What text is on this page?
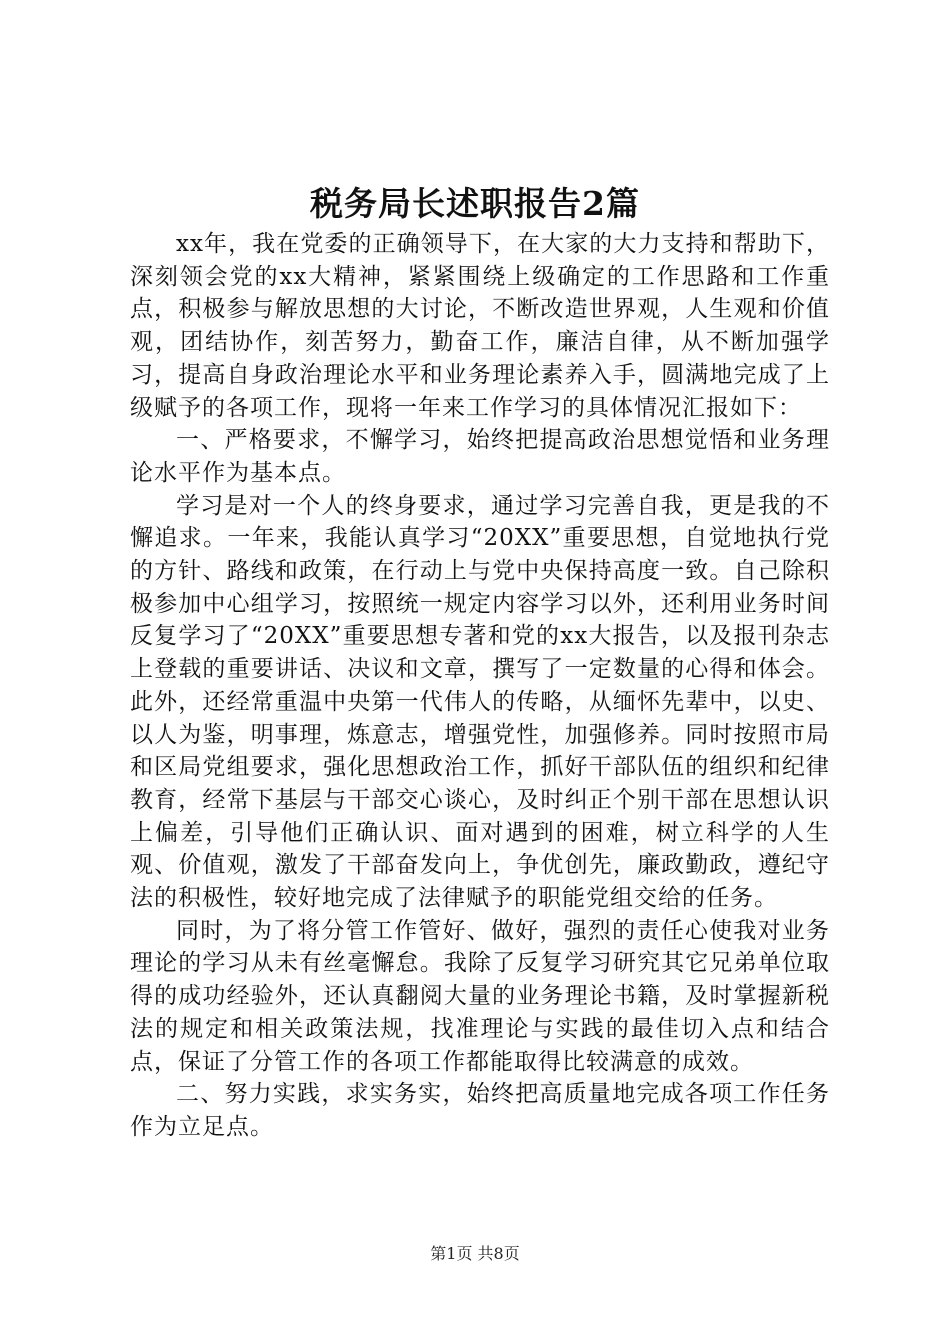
税务局长述职报告2篇

xx年，我在党委的正确领导下，在大家的大力支持和帮助下，深刻领会党的xx大精神，紧紧围绕上级确定的工作思路和工作重点，积极参与解放思想的大讨论，不断改造世界观，人生观和价值观，团结协作，刻苦努力，勤奋工作，廉洁自律，从不断加强学习，提高自身政治理论水平和业务理论素养入手，圆满地完成了上级赋予的各项工作，现将一年来工作学习的具体情况汇报如下：

一、严格要求，不懈学习，始终把提高政治思想觉悟和业务理论水平作为基本点。

学习是对一个人的终身要求，通过学习完善自我，更是我的不懈追求。一年来，我能认真学习“20XX”重要思想，自觉地执行党的方针、路线和政策，在行动上与党中央保持高度一致。自己除积极参加中心组学习，按照统一规定内容学习以外，还利用业务时间反复学习了“20XX”重要思想专著和党的xx大报告，以及报刊杂志上登载的重要讲话、决议和文章，撰写了一定数量的心得和体会。此外，还经常重温中央第一代伟人的传略，从缅怀先辈中，以史、以人为鉴，明事理，炼意志，增强党性，加强修养。同时按照市局和区局党组要求，强化思想政治工作，抓好干部队伍的组织和纪律教育，经常下基层与干部交心谈心，及时纠正个别干部在思想认识上偏差，引导他们正确认识、面对遇到的困难，树立科学的人生观、价值观，激发了干部奋发向上，争优创先，廉政勤政，遵纪守法的积极性，较好地完成了法律赋予的职能党组交给的任务。

同时，为了将分管工作管好、做好，强烈的责任心使我对业务理论的学习从未有丝毫懈怠。我除了反复学习研究其它兄弟单位取得的成功经验外，还认真翻阅大量的业务理论书籍，及时掌握新税法的规定和相关政策法规，找准理论与实践的最佳切入点和结合点，保证了分管工作的各项工作都能取得比较满意的成效。

二、努力实践，求实务实，始终把高质量地完成各项工作任务作为立足点。

第1页 共8页
